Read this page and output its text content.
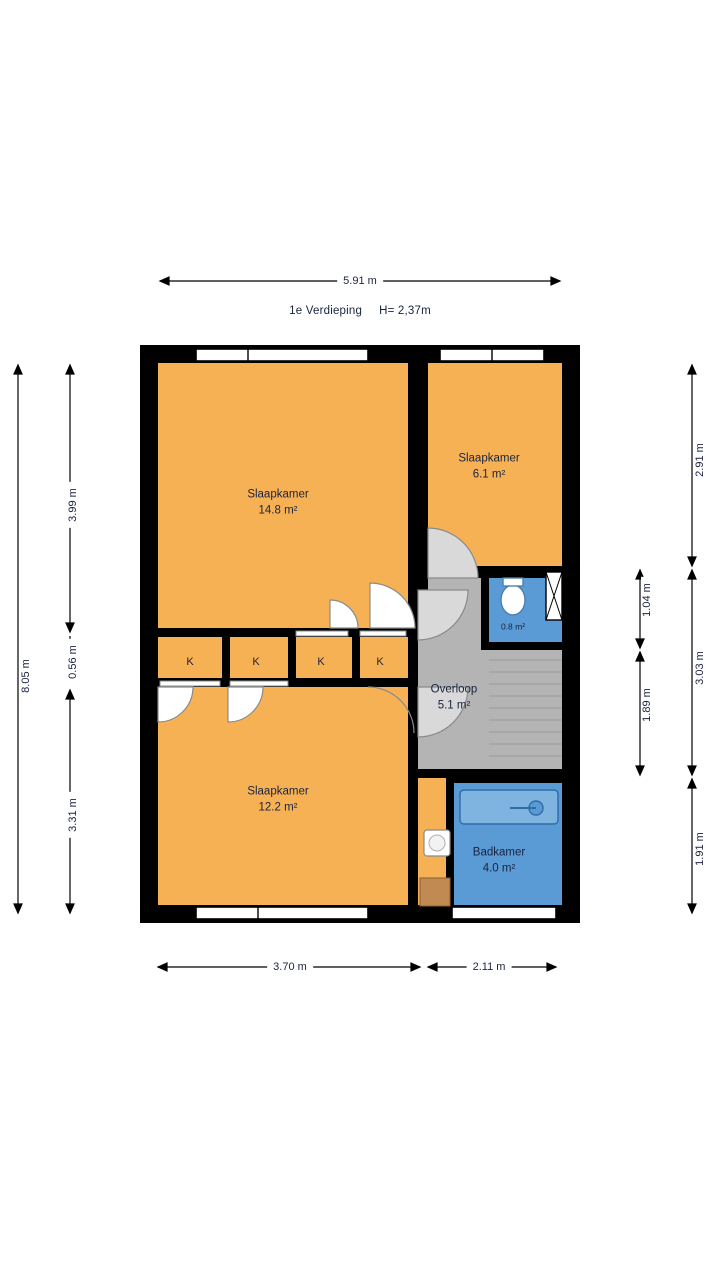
1e Verdieping H= 2,37m
Slaapkamer
14.8 m²
Slaapkamer
6.1 m²
Slaapkamer
12.2 m²
Overloop
5.1 m²
Badkamer
4.0 m²
0.8 m²
K	K	K	K
5.91 m
3.70 m	2.11 m
8.05 m
3.99 m
0.56 m
3.31 m
1.04 m
1.89 m
2.91 m
3.03 m
1.91 m
